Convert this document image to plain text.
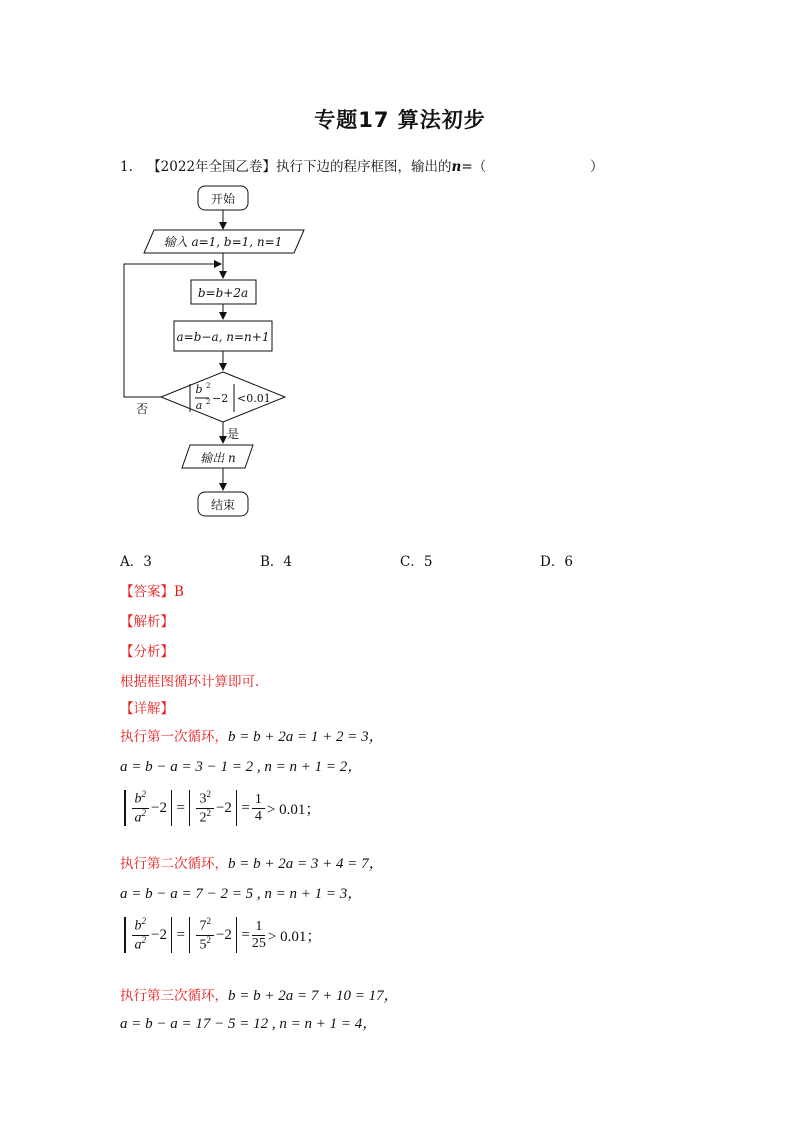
专题17 算法初步
1. 【2022年全国乙卷】执行下边的程序框图，输出的n=（	）
开始
输入 a=1, b=1, n=1
b=b+2a
a=b−a, n=n+1
b 2
a 2 −2 <0.01
否
是
输出 n
结束
A．3	B．4	C．5	D．6
【答案】B
【解析】
【分析】
根据框图循环计算即可.
【详解】
执行第一次循环，b = b + 2a = 1 + 2 = 3，
a = b − a = 3 − 1 = 2 , n = n + 1 = 2，
$\frac{b^2}{a^2} -2 = \frac{3^2}{2^2} -2 = \frac{1}{4} > 0.01$；
执行第二次循环，b = b + 2a = 3 + 4 = 7，
a = b − a = 7 − 2 = 5 , n = n + 1 = 3，
$\frac{b^2}{a^2} -2 = \frac{7^2}{5^2} -2 = \frac{1}{25} > 0.01$；
执行第三次循环，b = b + 2a = 7 + 10 = 17，
a = b − a = 17 − 5 = 12 , n = n + 1 = 4，
